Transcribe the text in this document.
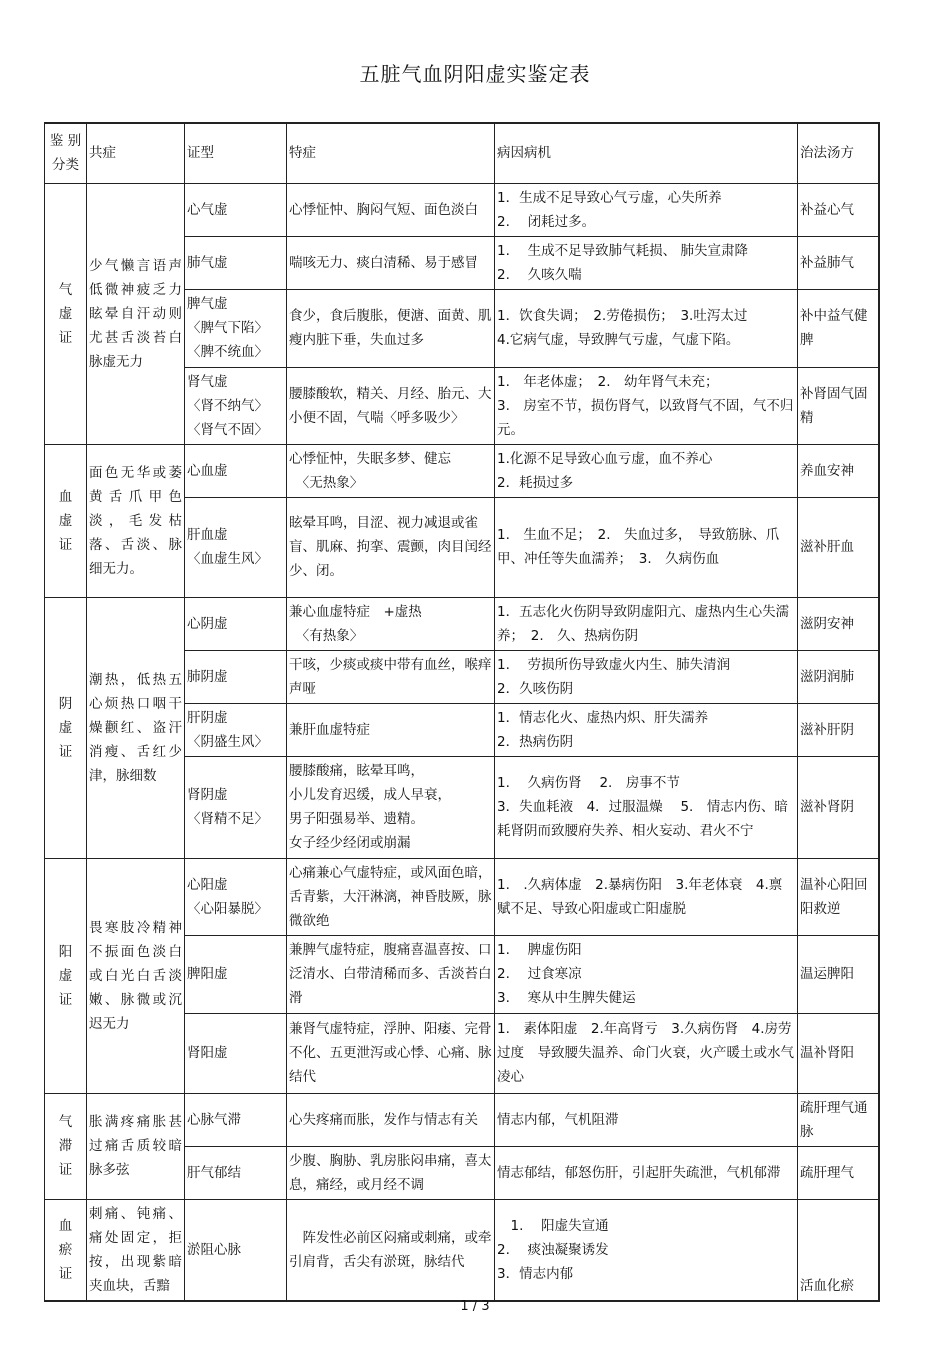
五脏气血阴阳虚实鉴定表
鉴 别
分类	共症	证型	特症	病因病机	治法汤方

气
虚
证	少气懒言语声低微神疲乏力眩晕自汗动则尤甚舌淡苔白脉虚无力	心气虚	心悸怔忡、胸闷气短、面色淡白	1．生成不足导致心气亏虚，心失所养
2.　 闭耗过多。	补益心气

		肺气虚	喘咳无力、痰白清稀、易于感冒	1.　 生成不足导致肺气耗损、 肺失宣肃降
2.　 久咳久喘	补益肺气

		脾气虚
〈脾气下陷〉
〈脾不统血〉	食少，食后腹胀，便溏、面黄、肌瘦内脏下垂，失血过多	1．饮食失调；　2.劳倦损伤；　3.吐泻太过
4.它病气虚，导致脾气亏虚，气虚下陷。	补中益气健脾

		肾气虚
〈肾不纳气〉
〈肾气不固〉	腰膝酸软，精关、月经、胎元、大小便不固，气喘〈呼多吸少〉	1.　年老体虚；　2.　幼年肾气未充；
3.　房室不节，损伤肾气，以致肾气不固，气不归元。	补肾固气固精

血
虚
证	面色无华或萎黄舌爪甲色淡，毛发枯落、舌淡、脉细无力。	心血虚	心悸怔忡，失眠多梦、健忘
　〈无热象〉	1.化源不足导致心血亏虚，血不养心
2．耗损过多	养血安神

		肝血虚
〈血虚生风〉	眩晕耳鸣，目涩、视力减退或雀盲、肌麻、拘挛、震颤，肉目闰经少、闭。	1.　生血不足；　2.　失血过多，　导致筋脉、爪甲、冲任等失血濡养；　3.　久病伤血	滋补肝血

阴
虚
证	潮热，低热五心烦热口咽干燥颧红、盗汗消瘦、舌红少津，脉细数	心阴虚	兼心血虚特症　+虚热
　〈有热象〉	1．五志化火伤阴导致阴虚阳亢、虚热内生心失濡养；　2.　久、热病伤阴	滋阴安神

		肺阴虚	干咳，少痰或痰中带有血丝，喉痒声哑	1.　 劳损所伤导致虚火内生、肺失清润
2．久咳伤阴	滋阴润肺

		肝阴虚
〈阴盛生风〉	兼肝血虚特症	1．情志化火、虚热内炽、肝失濡养
2．热病伤阴	滋补肝阴

		肾阴虚
〈肾精不足〉	腰膝酸痛，眩晕耳鸣，
小儿发育迟缓，成人早衰，
男子阳强易举、遗精。
女子经少经闭或崩漏	1.　 久病伤肾　 2.　房事不节
3．失血耗液　4．过服温燥　 5.　情志内伤、暗耗肾阴而致腰府失养、相火妄动、君火不宁	滋补肾阴

阳
虚
证	畏寒肢冷精神不振面色淡白或白光白舌淡嫩、脉微或沉迟无力	心阳虚
〈心阳暴脱〉	心痛兼心气虚特症，或风面色暗，舌青紫，大汗淋漓，神昏肢厥，脉微欲绝	1.　.久病体虚　2.暴病伤阳　3.年老体衰　4.禀赋不足、导致心阳虚或亡阳虚脱	温补心阳回阳救逆

		脾阳虚	兼脾气虚特症，腹痛喜温喜按、口泛清水、白带清稀而多、舌淡苔白滑	1.　 脾虚伤阳
2.　 过食寒凉
3.　 寒从中生脾失健运	温运脾阳

		肾阳虚	兼肾气虚特症，浮肿、阳痿、完骨不化、五更泄泻或心悸、心痛、脉结代	1.　素体阳虚　2.年高肾亏　3.久病伤肾　4.房劳过度　导致腰失温养、命门火衰，火产暖土或水气凌心	温补肾阳

气
滞
证	胀满疼痛胀甚过痛舌质较暗脉多弦	心脉气滞	心失疼痛而胀，发作与情志有关	情志内郁，气机阻滞	疏肝理气通脉

		肝气郁结	少腹、胸胁、乳房胀闷串痛，喜太息，痛经，或月经不调	情志郁结，郁怒伤肝，引起肝失疏泄，气机郁滞	疏肝理气

血
瘀
证	刺痛、钝痛、痛处固定，拒按，出现紫暗夹血块，舌黯	淤阻心脉	　阵发性必前区闷痛或刺痛，或牵引肩背，舌尖有淤斑，脉结代	　1.　 阳虚失宣通
2.　 痰浊凝聚诱发
3．情志内郁	活血化瘀
1 / 3
